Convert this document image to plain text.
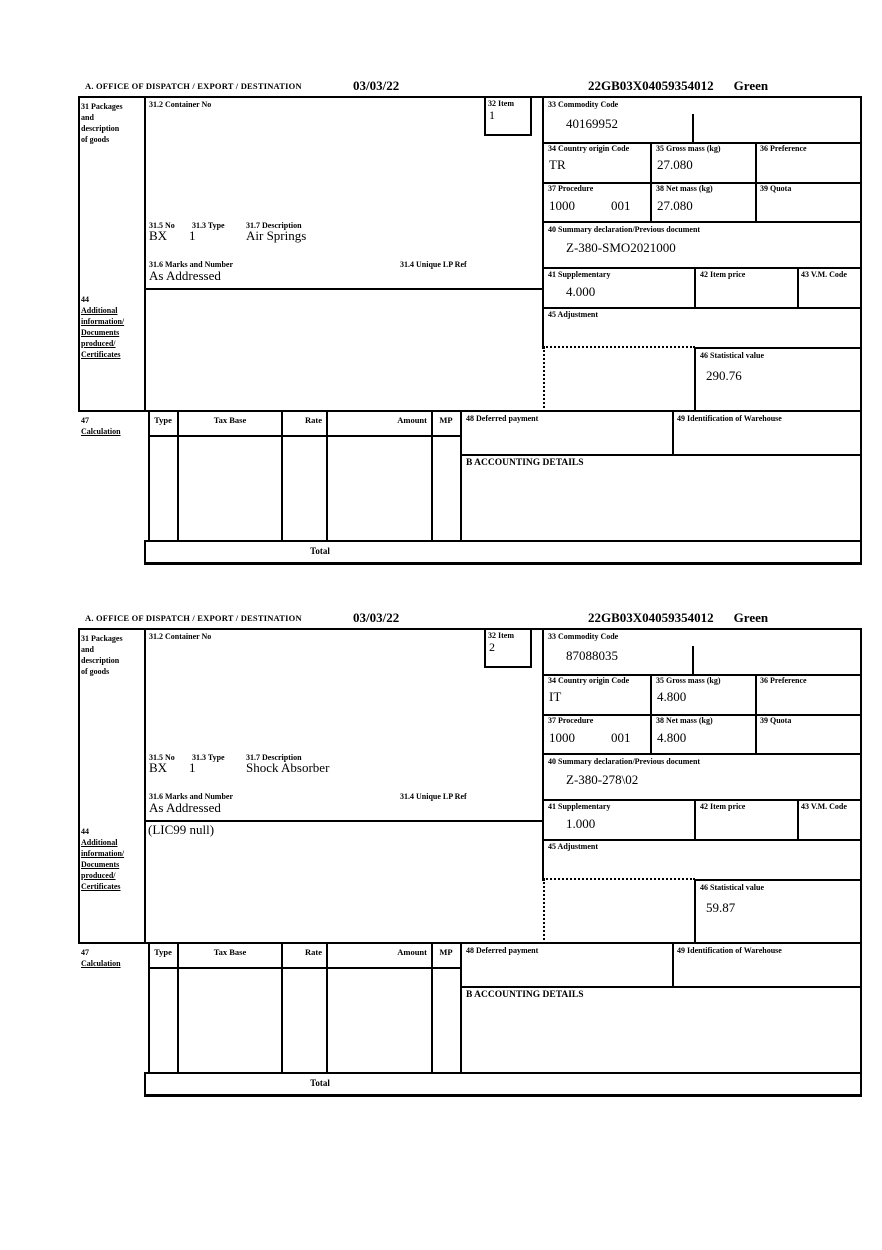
A. OFFICE OF DISPATCH / EXPORT / DESTINATION	03/03/22	22GB03X04059354012 Green
32 Item
1
31 Packages
and
description
of goods
31.2 Container No	33 Commodity Code
40169952
34 Country origin Code
TR
35 Gross mass (kg)
27.080
36 Preference
37 Procedure
1000	001
38 Net mass (kg)
27.080
39 Quota
31.5 No 31.3 Type	31.7 Description
BX 1	Air Springs
31.6 Marks and Number	31.4 Unique LP Ref
As Addressed
40 Summary declaration/Previous document
Z-380-SMO2021000
41 Supplementary
4.000
42 Item price	43 V.M. Code
45 Adjustment
46 Statistical value
290.76
44
Additional
information/
Documents
produced/
Certificates
47
Calculation
Type	Tax Base	Rate	Amount	MP	48 Deferred payment	49 Identification of Warehouse
B ACCOUNTING DETAILS
Total
A. OFFICE OF DISPATCH / EXPORT / DESTINATION	03/03/22	22GB03X04059354012 Green
32 Item
2
31 Packages
and
description
of goods
31.2 Container No	33 Commodity Code
87088035
34 Country origin Code
IT
35 Gross mass (kg)
4.800
36 Preference
37 Procedure
1000	001
38 Net mass (kg)
4.800
39 Quota
31.5 No 31.3 Type	31.7 Description
BX 1	Shock Absorber
31.6 Marks and Number	31.4 Unique LP Ref
As Addressed
40 Summary declaration/Previous document
Z-380-278\02
41 Supplementary
1.000
42 Item price	43 V.M. Code
45 Adjustment
46 Statistical value
59.87
44
Additional
information/
Documents
produced/
Certificates
(LIC99 null)
47
Calculation
Type	Tax Base	Rate	Amount	MP	48 Deferred payment	49 Identification of Warehouse
B ACCOUNTING DETAILS
Total
